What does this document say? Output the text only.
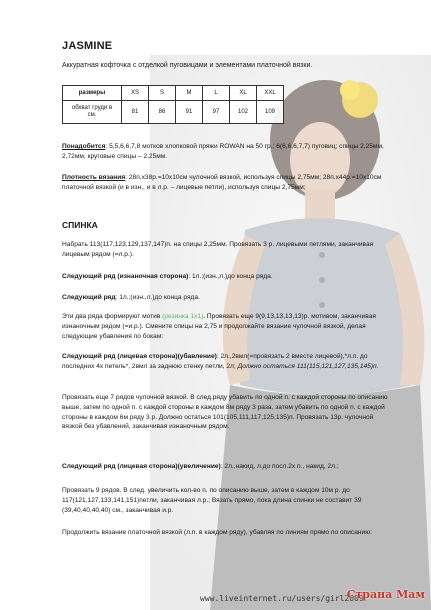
JASMINE
Аккуратная кофточка с отделкой пуговицами и элементами платочной вязки.
размеры	XS	S	M	L	XL	XXL
обхват груди в см.	81	86	91	97	102	109
Понадобится: 5,5,6,6,7,8 мотков хлопковой пряжи ROWAN на 50 гр.; 6(6,6,6,7,7) пуговиц; спицы 2,25мм, 2,72мм, круговые спицы – 2,25мм.
Плотность вязания: 28п.х38р.=10х10см чулочной вязкой, используя спицы 2,75мм; 28п.х44р.=10х10см платочной вязкой (и в изн., и в л.р. – лицевые петли), используя спицы 2,75мм;
СПИНКА
Набрать 113(117,123,129,137,147)п. на спицы 2,25мм. Провязать 3 р. лицевыми петлями, заканчивая лицевым рядом (=л.р.).
Следующий ряд (изнаночная сторона): 1л.;(изн.,л.)до конца ряда.
Следующий ряд: 1л.;(изн.,л.)до конца ряда.
Эти два ряда формируют мотив (резинка 1х1). Провязать еще 9(9,13,13,13,13)р. мотивом, заканчивая изнаночным рядом (=и.р.). Смените спицы на 2,75 и продолжайте вязание чулочной вязкой, делая следующие убавления по бокам:
Следующий ряд (лицевая сторона)(убавление): 2л.,2вмл(=провязать 2 вместе лицевой),*л.п. до последних 4х петель*, 2вмл за заднюю стенку петли, 2л; Должно остаться 111(115,121,127,135,145)п.
Провязать еще 7 рядов чулочной вязкой. В след.ряду убавить по одной п. с каждой стороны по описанию выше, затем по одной п. с каждой стороны в каждом 8м ряду 3 раза, затем убавить по одной п. с каждой стороны в каждом 6м ряду 3 р. Должно остаться 101(105,111,117,125,135)п. Провязать 13р. чулочной вязкой без убавлений, заканчивая изнаночным рядом.
Следующий ряд (лицевая сторона)(увеличение): 2л.,накид, л.до посл.2х п., накид, 2л.;
Провязать 9 рядов. В след. увеличить кол-во п. по описанию выше, затем в каждом 10м р. до 117(121,127,133,141,151)петли, заканчивая л.р.; Вязать прямо, пока длина спинки не составит 39 (39,40,40,40,40) см., заканчивая и.р.
Продолжить вязание платочной вязкой (л.п. в каждом ряду), убавляя по линиям прямо по описанию:
www.liveinternet.ru/users/girl2009
Страна Мам
